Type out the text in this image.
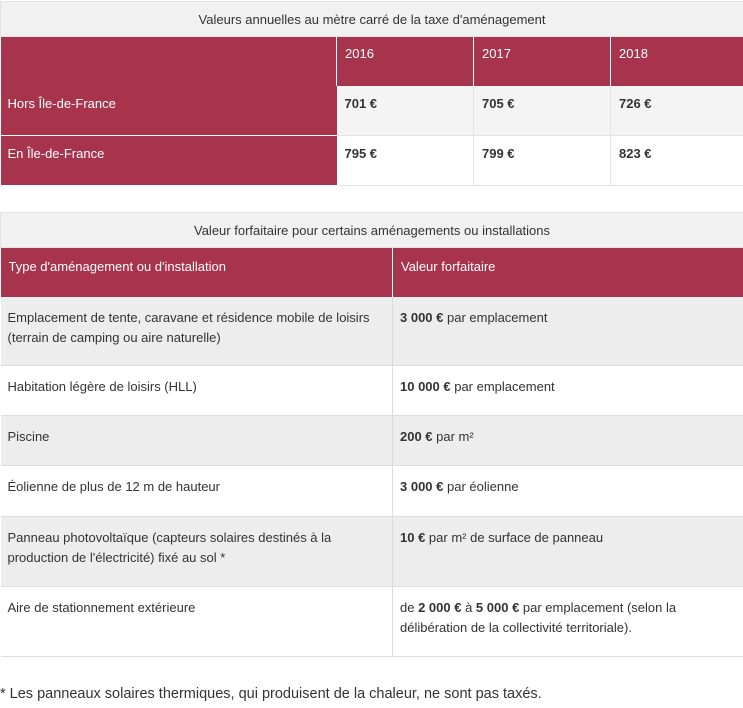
Valeurs annuelles au mètre carré de la taxe d'aménagement			
	2016	2017	2018
Hors Île-de-France	701 €	705 €	726 €
En Île-de-France	795 €	799 €	823 €
Valeur forfaitaire pour certains aménagements ou installations	
Type d'aménagement ou d'installation	Valeur forfaitaire
Emplacement de tente, caravane et résidence mobile de loisirs (terrain de camping ou aire naturelle)	3 000 € par emplacement
Habitation légère de loisirs (HLL)	10 000 € par emplacement
Piscine	200 € par m²
Éolienne de plus de 12 m de hauteur	3 000 € par éolienne
Panneau photovoltaïque (capteurs solaires destinés à la production de l'électricité) fixé au sol *	10 € par m² de surface de panneau
Aire de stationnement extérieure	de 2 000 € à 5 000 € par emplacement (selon la délibération de la collectivité territoriale).
* Les panneaux solaires thermiques, qui produisent de la chaleur, ne sont pas taxés.
